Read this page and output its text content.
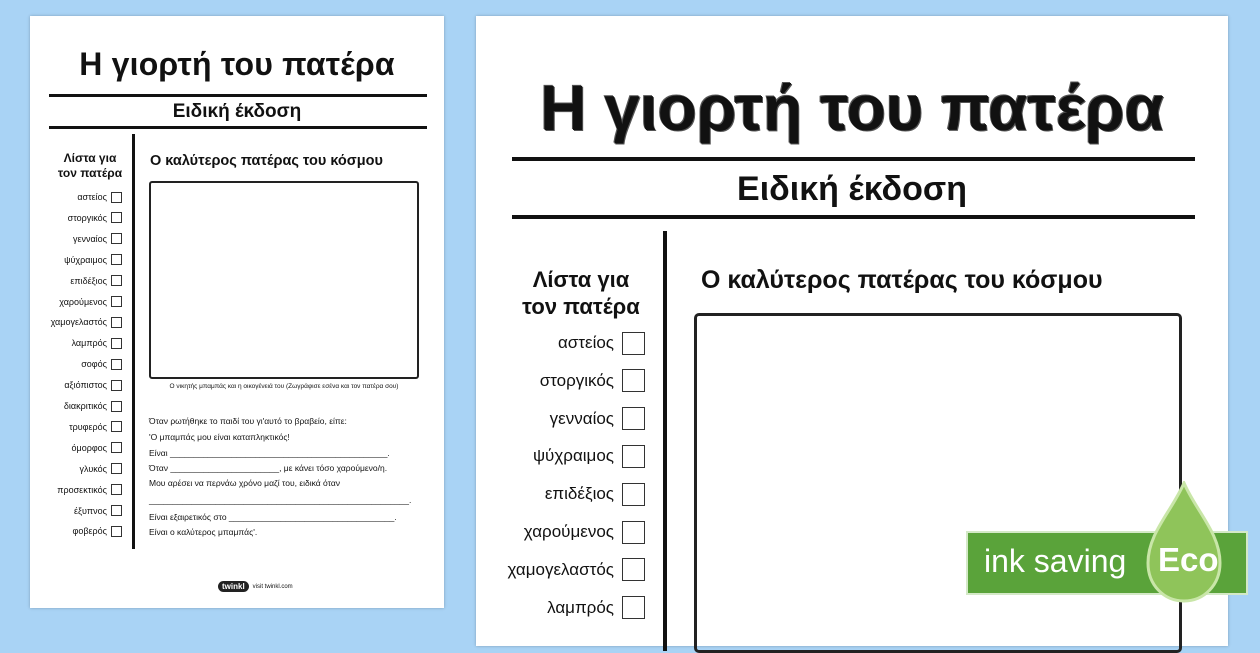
Η γιορτή του πατέρα
Ειδική έκδοση
Λίστα για
τον πατέρα
αστείος
στοργικός
γενναίος
ψύχραιμος
επιδέξιος
χαρούμενος
χαμογελαστός
λαμπρός
σοφός
αξιόπιστος
διακριτικός
τρυφερός
όμορφος
γλυκός
προσεκτικός
έξυπνος
φοβερός
Ο καλύτερος πατέρας του κόσμου
Ο νικητής μπαμπάς και η οικογένειά του (Ζωγράφισε εσένα και τον πατέρα σου)
Όταν ρωτήθηκε το παιδί του γι'αυτό το βραβείο, είπε:
'Ο μπαμπάς μου είναι καταπληκτικός!
Είναι ______________________________________________.
Όταν _______________________, με κάνει τόσο χαρούμενο/η.
Μου αρέσει να περνάω χρόνο μαζί του, ειδικά όταν
_______________________________________________________.
Είναι εξαιρετικός στο ___________________________________.
Είναι ο καλύτερος μπαμπάς'.
twinkl	visit twinkl.com
Η γιορτή του πατέρα
Ειδική έκδοση
Λίστα για
τον πατέρα
αστείος
στοργικός
γενναίος
ψύχραιμος
επιδέξιος
χαρούμενος
χαμογελαστός
λαμπρός
Ο καλύτερος πατέρας του κόσμου
ink saving Eco
